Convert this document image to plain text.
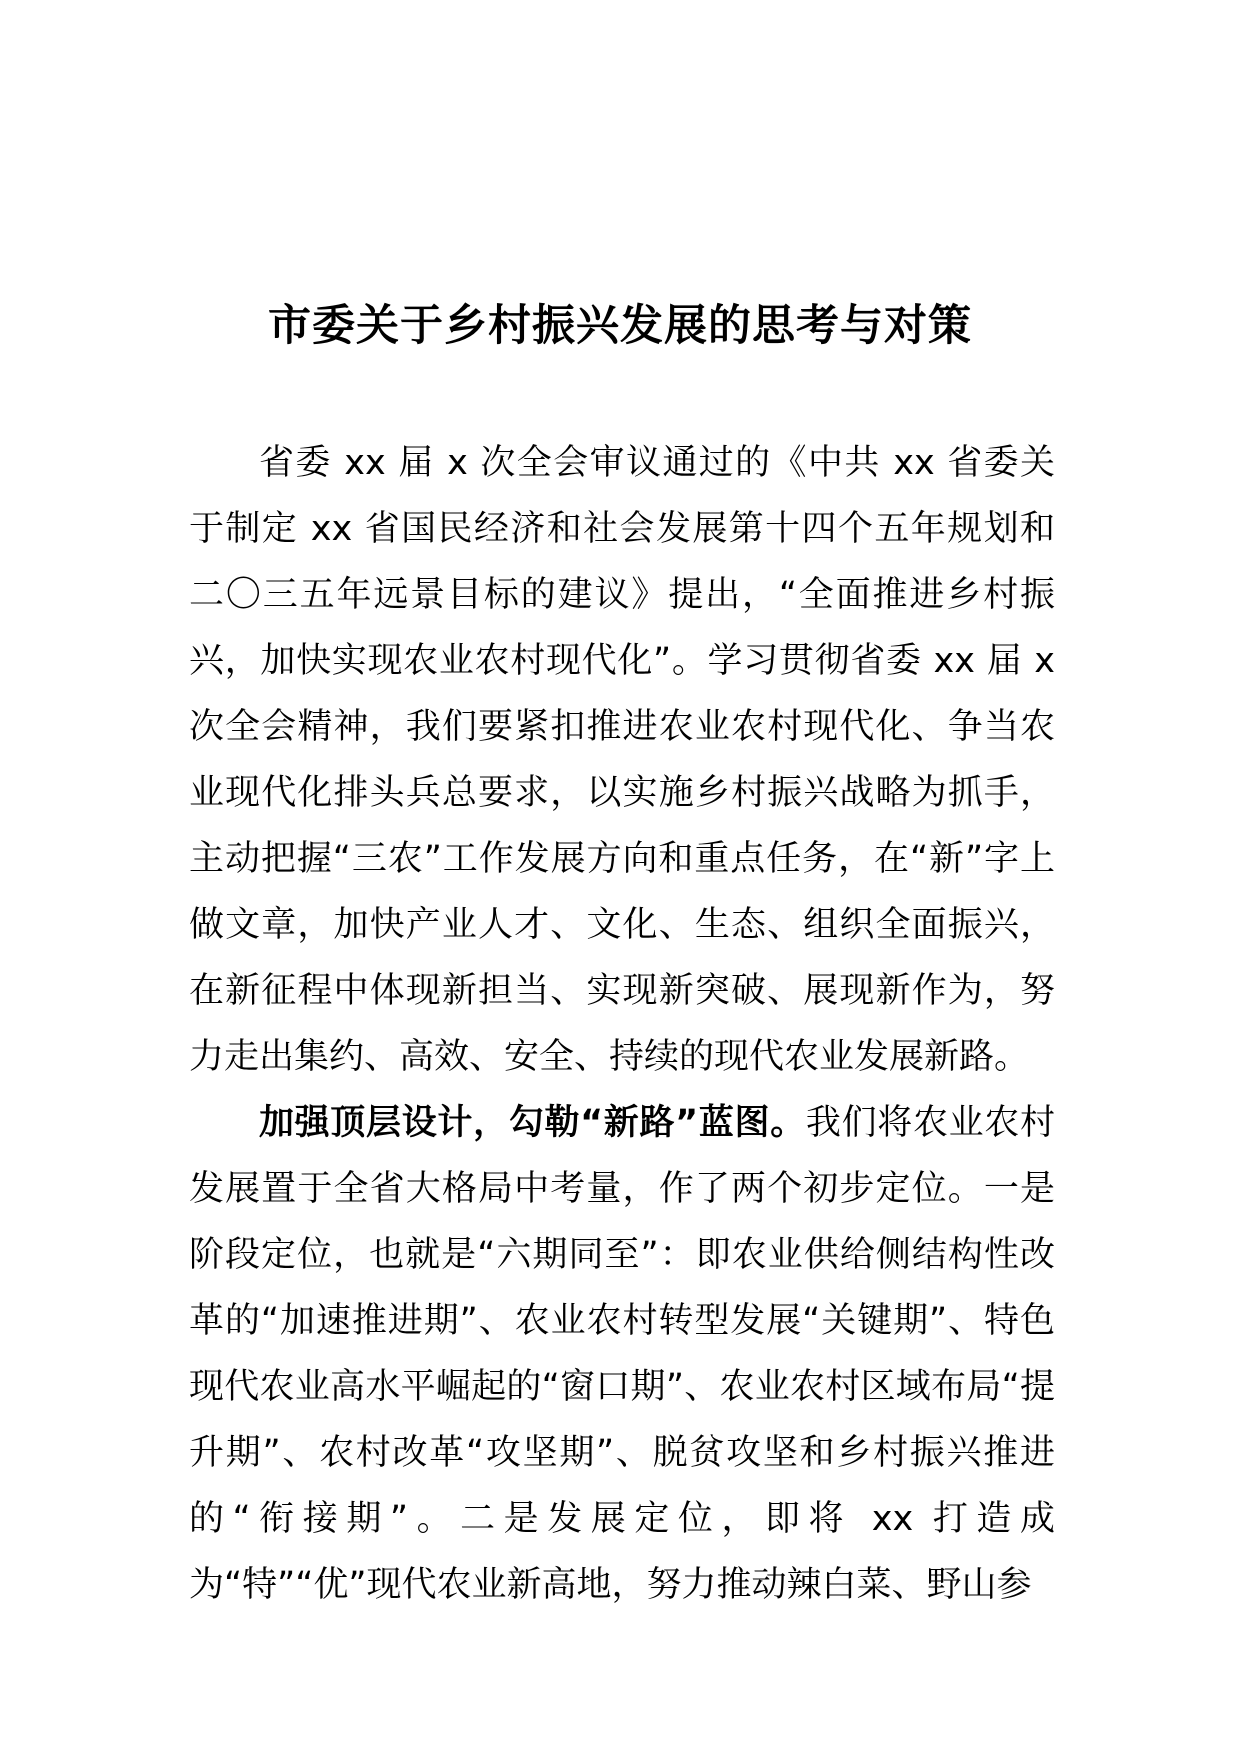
市委关于乡村振兴发展的思考与对策

省委 xx 届 x 次全会审议通过的《中共 xx 省委关于制定 xx 省国民经济和社会发展第十四个五年规划和二〇三五年远景目标的建议》提出，“全面推进乡村振兴，加快实现农业农村现代化”。学习贯彻省委 xx 届 x 次全会精神，我们要紧扣推进农业农村现代化、争当农业现代化排头兵总要求，以实施乡村振兴战略为抓手，主动把握“三农”工作发展方向和重点任务，在“新”字上做文章，加快产业人才、文化、生态、组织全面振兴，在新征程中体现新担当、实现新突破、展现新作为，努力走出集约、高效、安全、持续的现代农业发展新路。

加强顶层设计，勾勒“新路”蓝图。我们将农业农村发展置于全省大格局中考量，作了两个初步定位。一是阶段定位，也就是“六期同至”：即农业供给侧结构性改革的“加速推进期”、农业农村转型发展“关键期”、特色现代农业高水平崛起的“窗口期”、农业农村区域布局“提升期”、农村改革“攻坚期”、脱贫攻坚和乡村振兴推进的“衔接期”。二是发展定位，即将 xx 打造成为“特”“优”现代农业新高地，努力推动辣白菜、野山参
